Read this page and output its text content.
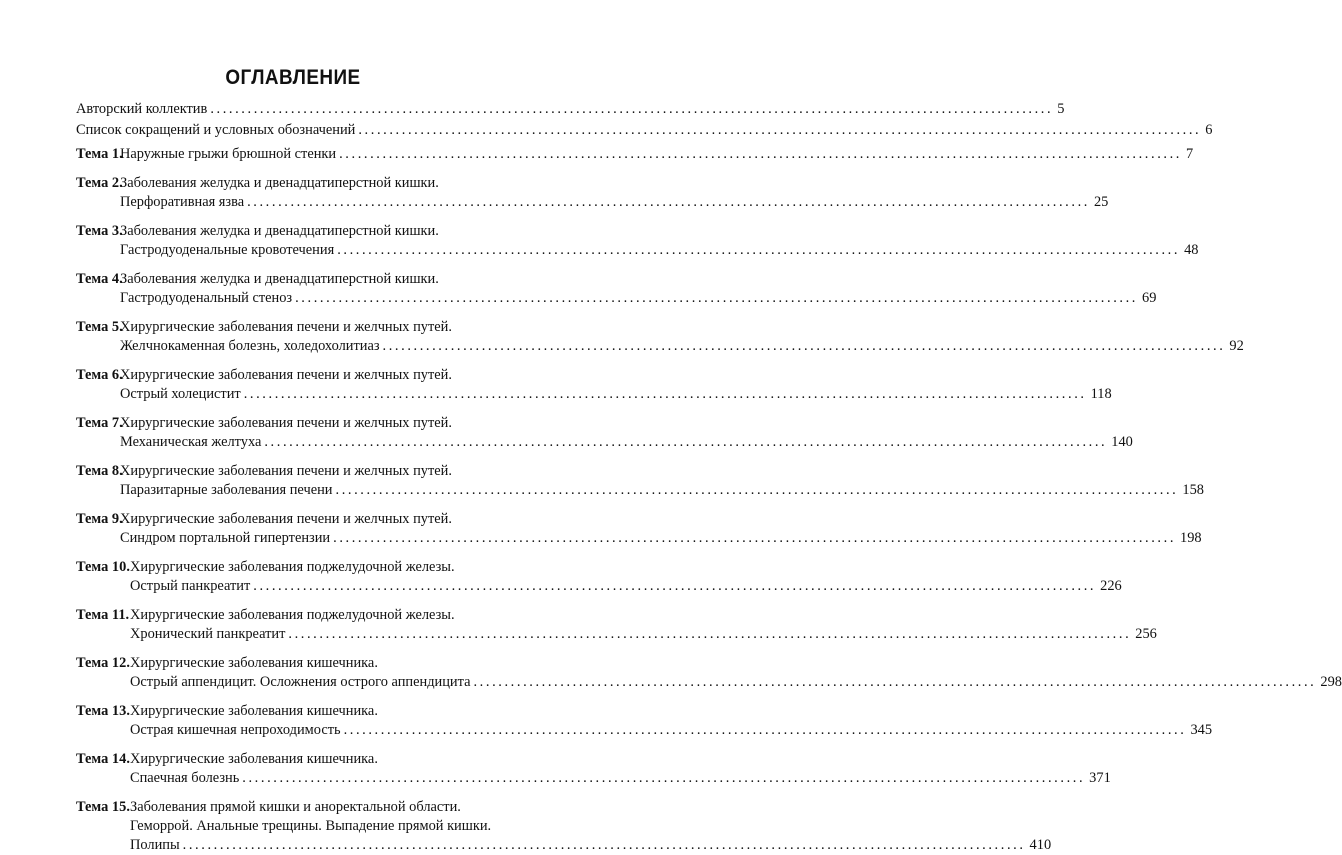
ОГЛАВЛЕНИЕ
Авторский коллектив ........................................................................................................................................ 5
Список сокращений и условных обозначений ........................................................................................................................................ 6
Тема 1.
Наружные грыжи брюшной стенки ........................................................................................................................................ 7
Тема 2.
Заболевания желудка и двенадцатиперстной кишки.
Перфоративная язва ........................................................................................................................................ 25
Тема 3.
Заболевания желудка и двенадцатиперстной кишки.
Гастродуоденальные кровотечения ........................................................................................................................................ 48
Тема 4.
Заболевания желудка и двенадцатиперстной кишки.
Гастродуоденальный стеноз ........................................................................................................................................ 69
Тема 5.
Хирургические заболевания печени и желчных путей.
Желчнокаменная болезнь, холедохолитиаз ........................................................................................................................................ 92
Тема 6.
Хирургические заболевания печени и желчных путей.
Острый холецистит ........................................................................................................................................ 118
Тема 7.
Хирургические заболевания печени и желчных путей.
Механическая желтуха ........................................................................................................................................ 140
Тема 8.
Хирургические заболевания печени и желчных путей.
Паразитарные заболевания печени ........................................................................................................................................ 158
Тема 9.
Хирургические заболевания печени и желчных путей.
Синдром портальной гипертензии ........................................................................................................................................ 198
Тема 10. Хирургические заболевания поджелудочной железы.
Острый панкреатит ........................................................................................................................................ 226
Тема 11. Хирургические заболевания поджелудочной железы.
Хронический панкреатит ........................................................................................................................................ 256
Тема 12. Хирургические заболевания кишечника.
Острый аппендицит. Осложнения острого аппендицита ........................................................................................................................................ 298
Тема 13. Хирургические заболевания кишечника.
Острая кишечная непроходимость ........................................................................................................................................ 345
Тема 14. Хирургические заболевания кишечника.
Спаечная болезнь ........................................................................................................................................ 371
Тема 15. Заболевания прямой кишки и аноректальной области.
Геморрой. Анальные трещины. Выпадение прямой кишки.
Полипы ........................................................................................................................................ 410
